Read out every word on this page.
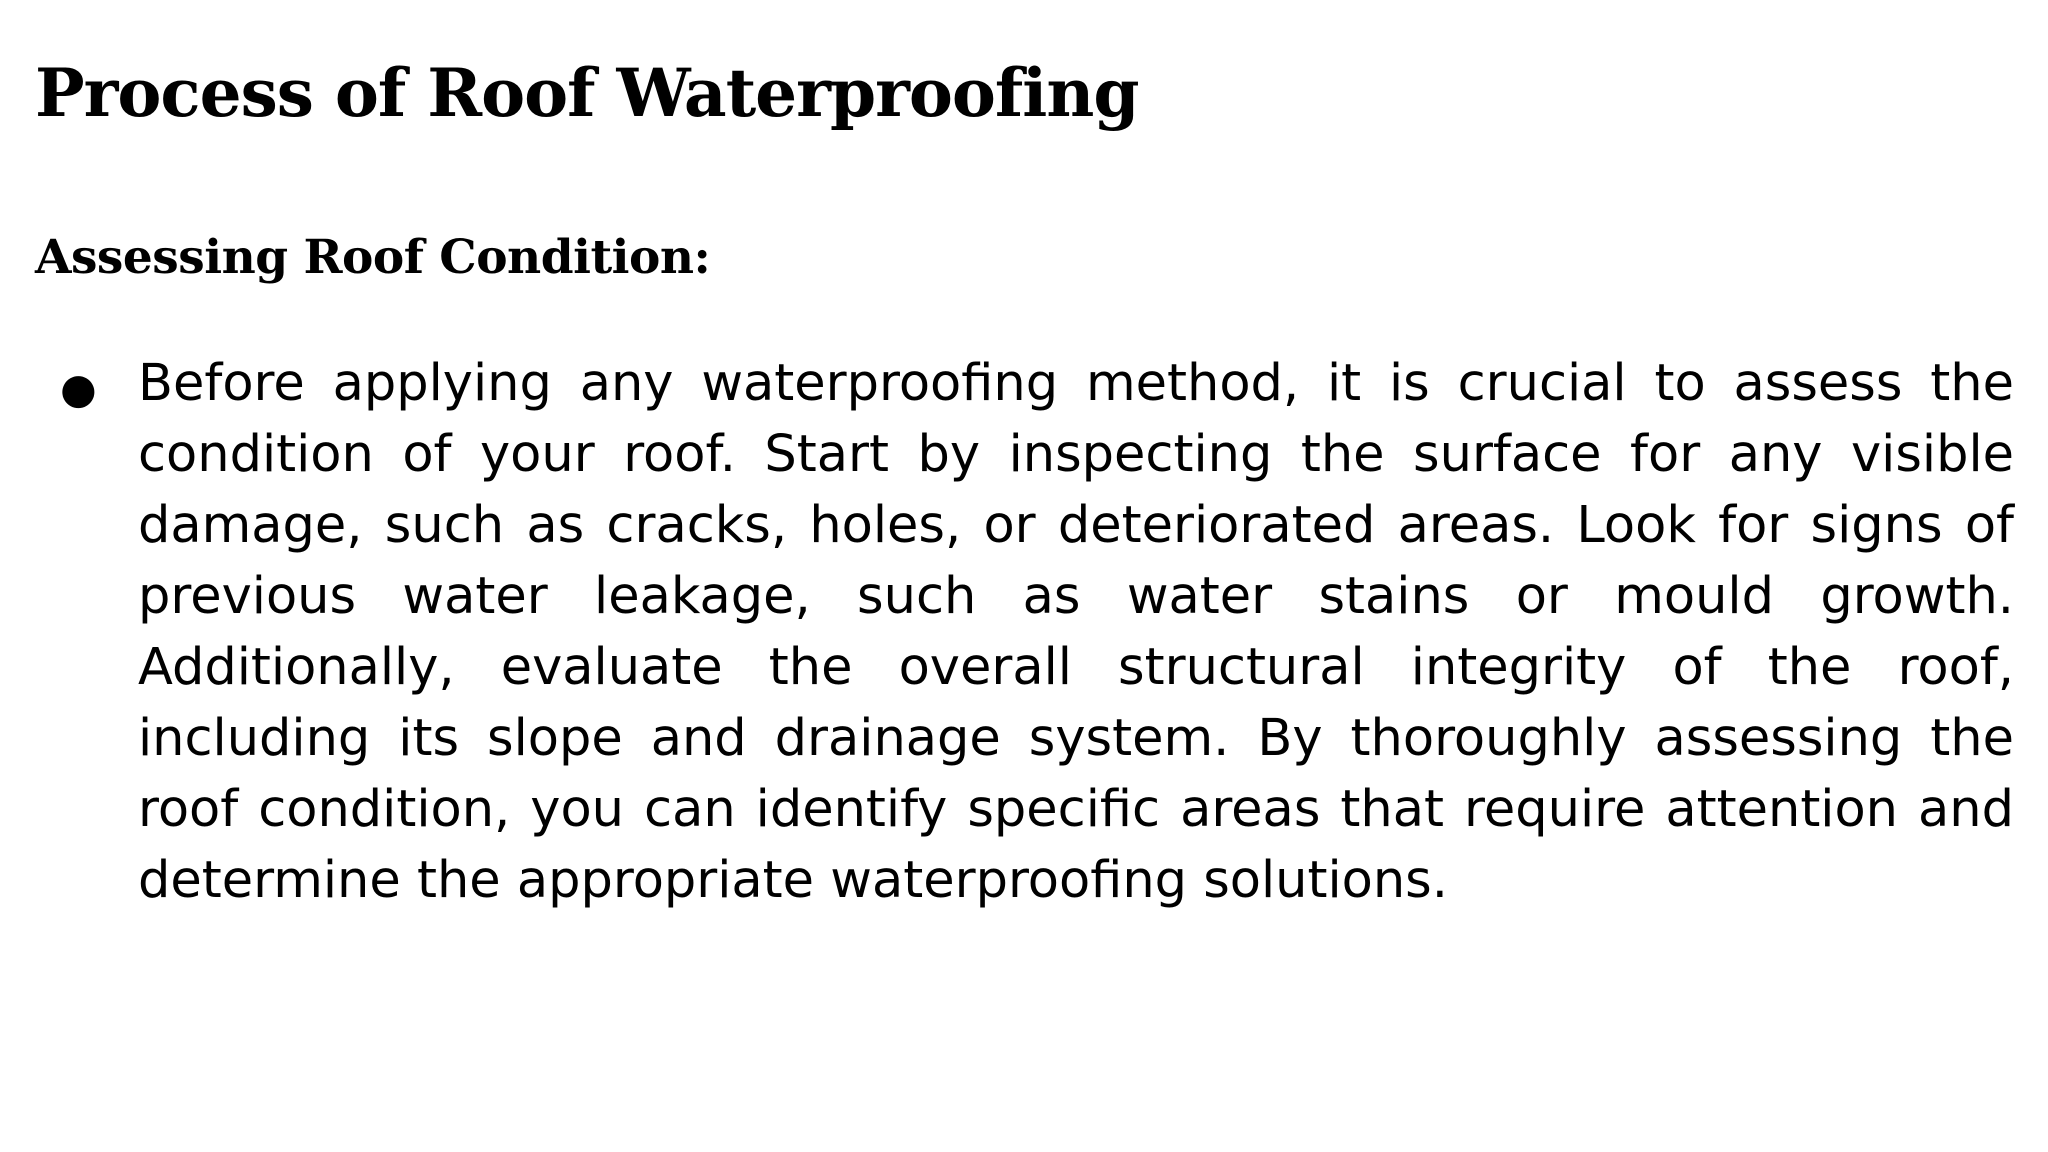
Process of Roof Waterproofing
Assessing Roof Condition:
● Before applying any waterproofing method, it is crucial to assess the condition of your roof. Start by inspecting the surface for any visible damage, such as cracks, holes, or deteriorated areas. Look for signs of previous water leakage, such as water stains or mould growth. Additionally, evaluate the overall structural integrity of the roof, including its slope and drainage system. By thoroughly assessing the roof condition, you can identify specific areas that require attention and determine the appropriate waterproofing solutions.
